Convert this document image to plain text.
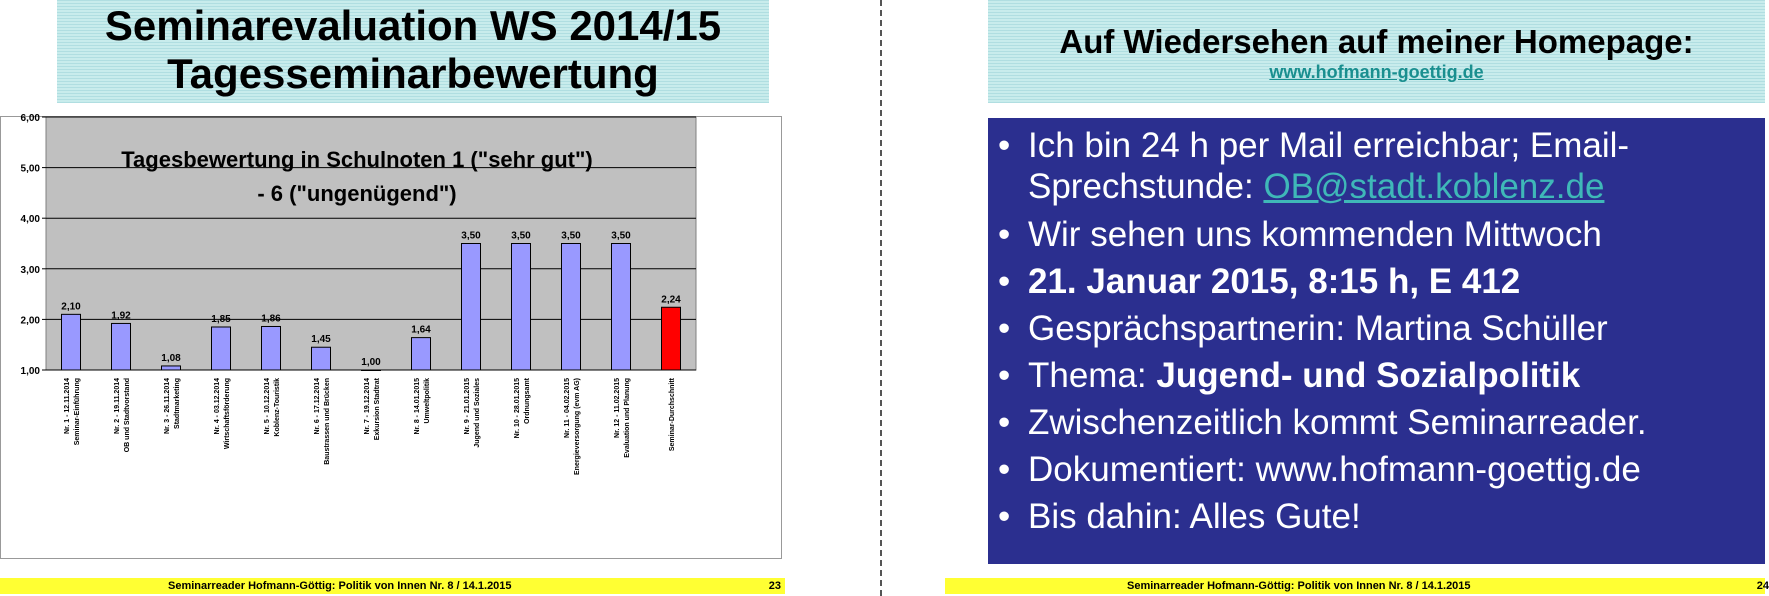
Seminarevaluation WS 2014/15
Tagesseminarbewertung
1,00
2,00
3,00
4,00
5,00
6,00
Tagesbewertung in Schulnoten 1 ("sehr gut")
- 6 ("ungenügend")
2,10
Nr. 1 - 12.11.2014 Seminar-Einführung
1,92
Nr. 2 - 19.11.2014 OB und Stadtvorstand
1,08
Nr. 3 - 26.11.2014 Stadtmarketing
1,85
Nr. 4 - 03.12.2014 Wirtschaftsförderung
1,86
Nr. 5 - 10.12.2014 Koblenz-Touristik
1,45
Nr. 6 - 17.12.2014 Baustrassen und Brücken
1,00
Nr. 7 - 19.12.2014 Exkursion Stadtrat
1,64
Nr. 8 - 14.01.2015 Umweltpolitik
3,50
Nr. 9 - 21.01.2015 Jugend und Soziales
3,50
Nr. 10 - 28.01.2015 Ordnungsamt
3,50
Nr. 11 - 04.02.2015 Energieversorgung (evm AG)
3,50
Nr. 12 - 11.02.2015 Evaluation und Planung
2,24
Seminar-Durchschnitt
Seminarreader Hofmann-Göttig: Politik von Innen Nr. 8 / 14.1.2015	23
Auf Wiedersehen auf meiner Homepage:
www.hofmann-goettig.de
• Ich bin 24 h per Mail erreichbar; Email-Sprechstunde: OB@stadt.koblenz.de
• Wir sehen uns kommenden Mittwoch
• 21. Januar 2015, 8:15 h, E 412
• Gesprächspartnerin: Martina Schüller
• Thema: Jugend- und Sozialpolitik
• Zwischenzeitlich kommt Seminarreader.
• Dokumentiert: www.hofmann-goettig.de
• Bis dahin: Alles Gute!
Seminarreader Hofmann-Göttig: Politik von Innen Nr. 8 / 14.1.2015	24
